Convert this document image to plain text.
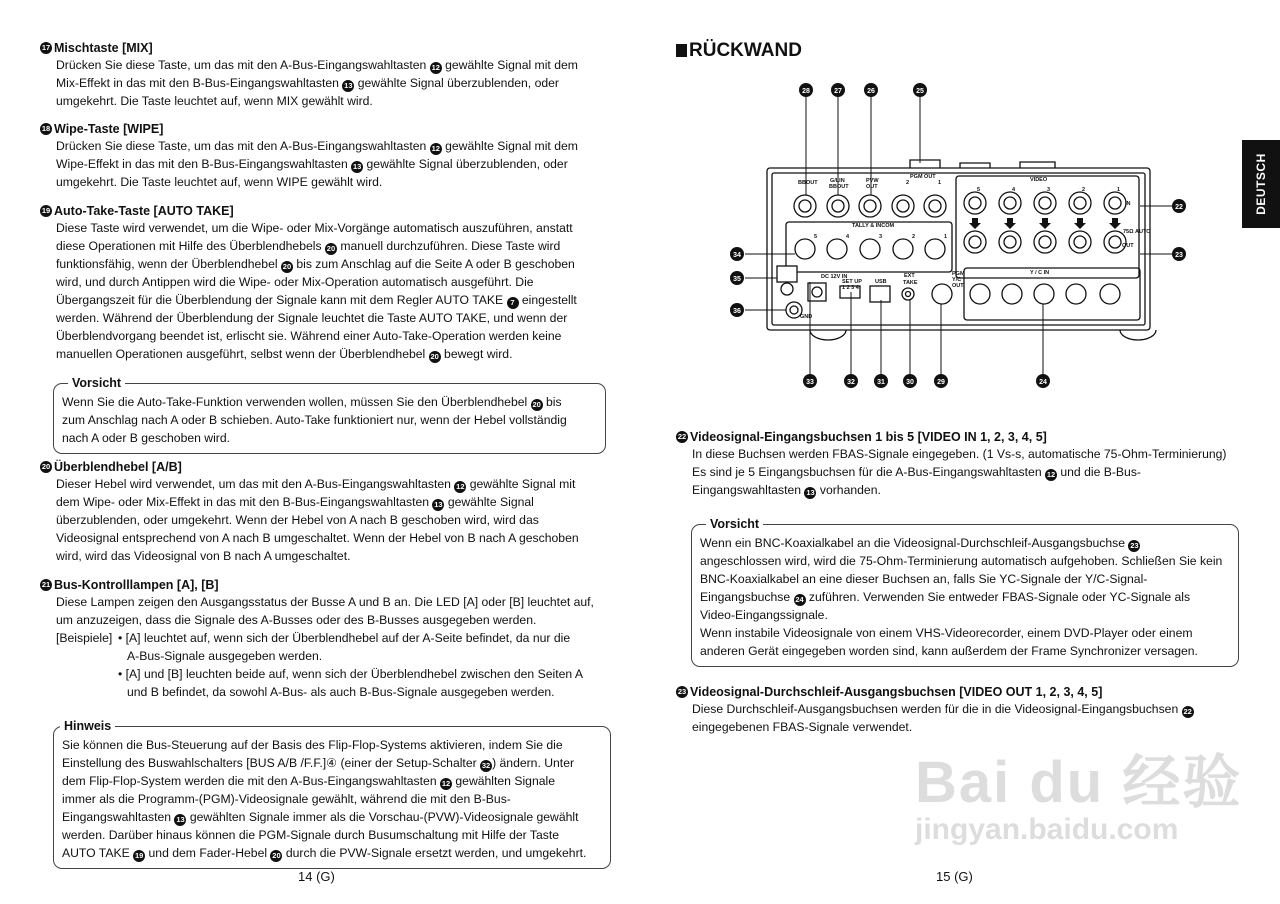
17 Mischtaste [MIX]
Drücken Sie diese Taste, um das mit den A-Bus-Eingangswahltasten 12 gewählte Signal mit dem
Mix-Effekt in das mit den B-Bus-Eingangswahltasten 13 gewählte Signal überzublenden, oder
umgekehrt. Die Taste leuchtet auf, wenn MIX gewählt wird.
18 Wipe-Taste [WIPE]
Drücken Sie diese Taste, um das mit den A-Bus-Eingangswahltasten 12 gewählte Signal mit dem
Wipe-Effekt in das mit den B-Bus-Eingangswahltasten 13 gewählte Signal überzublenden, oder
umgekehrt. Die Taste leuchtet auf, wenn WIPE gewählt wird.
19 Auto-Take-Taste [AUTO TAKE]
Diese Taste wird verwendet, um die Wipe- oder Mix-Vorgänge automatisch auszuführen, anstatt
diese Operationen mit Hilfe des Überblendhebels 20 manuell durchzuführen. Diese Taste wird
funktionsfähig, wenn der Überblendhebel 20 bis zum Anschlag auf die Seite A oder B geschoben
wird, und durch Antippen wird die Wipe- oder Mix-Operation automatisch ausgeführt. Die
Übergangszeit für die Überblendung der Signale kann mit dem Regler AUTO TAKE 7 eingestellt
werden. Während der Überblendung der Signale leuchtet die Taste AUTO TAKE, und wenn der
Überblendvorgang beendet ist, erlischt sie. Während einer Auto-Take-Operation werden keine
manuellen Operationen ausgeführt, selbst wenn der Überblendhebel 20 bewegt wird.
Vorsicht
Wenn Sie die Auto-Take-Funktion verwenden wollen, müssen Sie den Überblendhebel 20 bis
zum Anschlag nach A oder B schieben. Auto-Take funktioniert nur, wenn der Hebel vollständig
nach A oder B geschoben wird.
20 Überblendhebel [A/B]
Dieser Hebel wird verwendet, um das mit den A-Bus-Eingangswahltasten 12 gewählte Signal mit
dem Wipe- oder Mix-Effekt in das mit den B-Bus-Eingangswahltasten 13 gewählte Signal
überzublenden, oder umgekehrt. Wenn der Hebel von A nach B geschoben wird, wird das
Videosignal entsprechend von A nach B umgeschaltet. Wenn der Hebel von B nach A geschoben
wird, wird das Videosignal von B nach A umgeschaltet.
21 Bus-Kontrolllampen [A], [B]
Diese Lampen zeigen den Ausgangsstatus der Busse A und B an. Die LED [A] oder [B] leuchtet auf,
um anzuzeigen, dass die Signale des A-Busses oder des B-Busses ausgegeben werden.
[Beispiele] • [A] leuchtet auf, wenn sich der Überblendhebel auf der A-Seite befindet, da nur die
A-Bus-Signale ausgegeben werden.
• [A] und [B] leuchten beide auf, wenn sich der Überblendhebel zwischen den Seiten A
und B befindet, da sowohl A-Bus- als auch B-Bus-Signale ausgegeben werden.
Hinweis
Sie können die Bus-Steuerung auf der Basis des Flip-Flop-Systems aktivieren, indem Sie die
Einstellung des Buswahlschalters [BUS A/B /F.F.]④ (einer der Setup-Schalter 32 ) ändern. Unter
dem Flip-Flop-System werden die mit den A-Bus-Eingangswahltasten 12 gewählten Signale
immer als die Programm-(PGM)-Videosignale gewählt, während die mit den B-Bus-
Eingangswahltasten 13 gewählten Signale immer als die Vorschau-(PVW)-Videosignale gewählt
werden. Darüber hinaus können die PGM-Signale durch Busumschaltung mit Hilfe der Taste
AUTO TAKE 19 und dem Fader-Hebel 20 durch die PVW-Signale ersetzt werden, und umgekehrt.
14 (G)
RÜCKWAND
DEUTSCH
BBOUT G/LIN
BBOUT
PVW
OUT
PGM OUT	VIDEO
IN
OUT
75Ω AUTO
TALLY & INCOM
DC 12V IN
SET UP USB
EXT
TAKE
PGM
Y/C
OUT
Y / C IN
GND
5	4	3	2	1
5	4	3	2	1
2	1
1 2 3 4
28	27	26	25
33	32	31	30	29	24
34
35
36
22
23
22 Videosignal-Eingangsbuchsen 1 bis 5 [VIDEO IN 1, 2, 3, 4, 5]
In diese Buchsen werden FBAS-Signale eingegeben. (1 Vs-s, automatische 75-Ohm-Terminierung)
Es sind je 5 Eingangsbuchsen für die A-Bus-Eingangswahltasten 12 und die B-Bus-
Eingangswahltasten 13 vorhanden.
Vorsicht
Wenn ein BNC-Koaxialkabel an die Videosignal-Durchschleif-Ausgangsbuchse 23
angeschlossen wird, wird die 75-Ohm-Terminierung automatisch aufgehoben. Schließen Sie kein
BNC-Koaxialkabel an eine dieser Buchsen an, falls Sie YC-Signale der Y/C-Signal-
Eingangsbuchse 24 zuführen. Verwenden Sie entweder FBAS-Signale oder YC-Signale als
Video-Eingangssignale.
Wenn instabile Videosignale von einem VHS-Videorecorder, einem DVD-Player oder einem
anderen Gerät eingegeben worden sind, kann außerdem der Frame Synchronizer versagen.
23 Videosignal-Durchschleif-Ausgangsbuchsen [VIDEO OUT 1, 2, 3, 4, 5]
Diese Durchschleif-Ausgangsbuchsen werden für die in die Videosignal-Eingangsbuchsen 22
eingegebenen FBAS-Signale verwendet.
15 (G)
Bai du 经验
jingyan.baidu.com
